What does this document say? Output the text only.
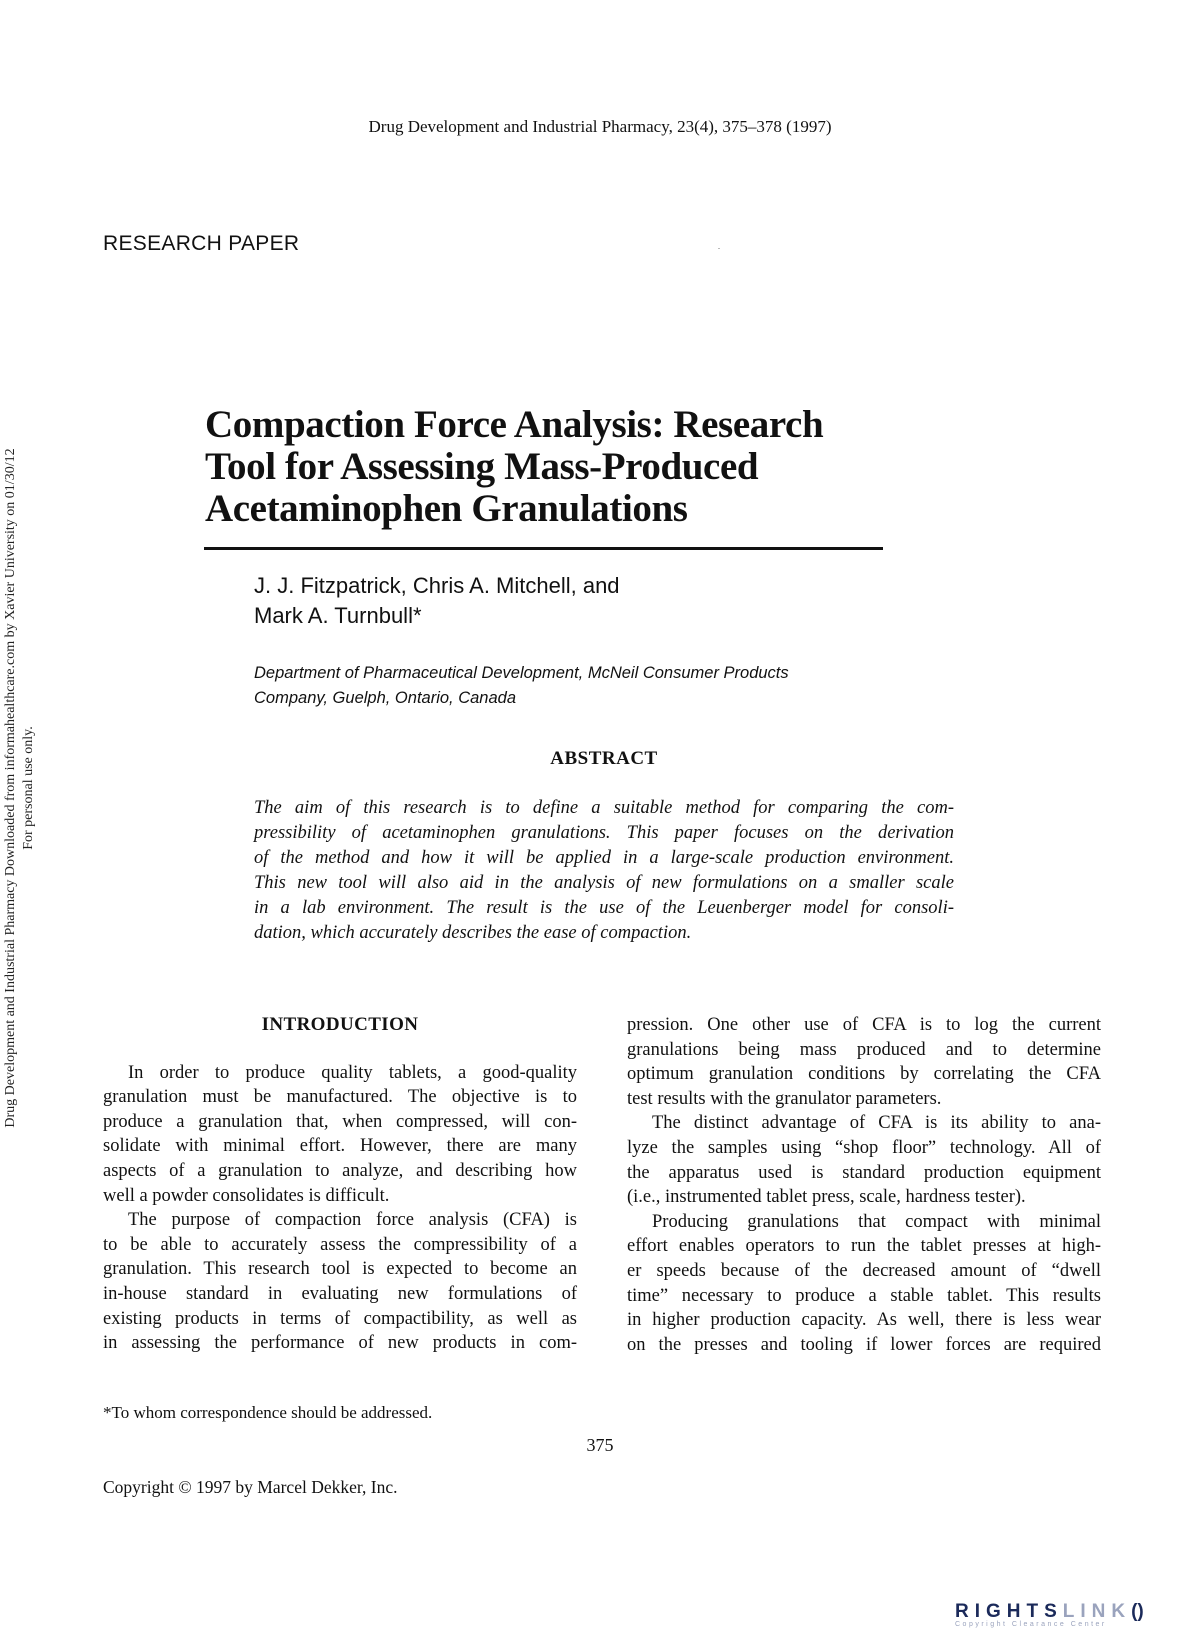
Drug Development and Industrial Pharmacy Downloaded from informahealthcare.com by Xavier University on 01/30/12 For personal use only.
Drug Development and Industrial Pharmacy, 23(4), 375–378 (1997)
RESEARCH PAPER
Compaction Force Analysis: Research
Tool for Assessing Mass-Produced
Acetaminophen Granulations
J. J. Fitzpatrick, Chris A. Mitchell, and
Mark A. Turnbull*
Department of Pharmaceutical Development, McNeil Consumer Products
Company, Guelph, Ontario, Canada
ABSTRACT
The aim of this research is to define a suitable method for comparing the com-
pressibility of acetaminophen granulations. This paper focuses on the derivation
of the method and how it will be applied in a large-scale production environment.
This new tool will also aid in the analysis of new formulations on a smaller scale
in a lab environment. The result is the use of the Leuenberger model for consoli-
dation, which accurately describes the ease of compaction.
INTRODUCTION
In order to produce quality tablets, a good-quality
granulation must be manufactured. The objective is to
produce a granulation that, when compressed, will con-
solidate with minimal effort. However, there are many
aspects of a granulation to analyze, and describing how
well a powder consolidates is difficult.
The purpose of compaction force analysis (CFA) is
to be able to accurately assess the compressibility of a
granulation. This research tool is expected to become an
in-house standard in evaluating new formulations of
existing products in terms of compactibility, as well as
in assessing the performance of new products in com-
pression. One other use of CFA is to log the current
granulations being mass produced and to determine
optimum granulation conditions by correlating the CFA
test results with the granulator parameters.
The distinct advantage of CFA is its ability to ana-
lyze the samples using “shop floor” technology. All of
the apparatus used is standard production equipment
(i.e., instrumented tablet press, scale, hardness tester).
Producing granulations that compact with minimal
effort enables operators to run the tablet presses at high-
er speeds because of the decreased amount of “dwell
time” necessary to produce a stable tablet. This results
in higher production capacity. As well, there is less wear
on the presses and tooling if lower forces are required
*To whom correspondence should be addressed.
375
Copyright © 1997 by Marcel Dekker, Inc.
RIGHTSLINK()
Copyright Clearance Center
